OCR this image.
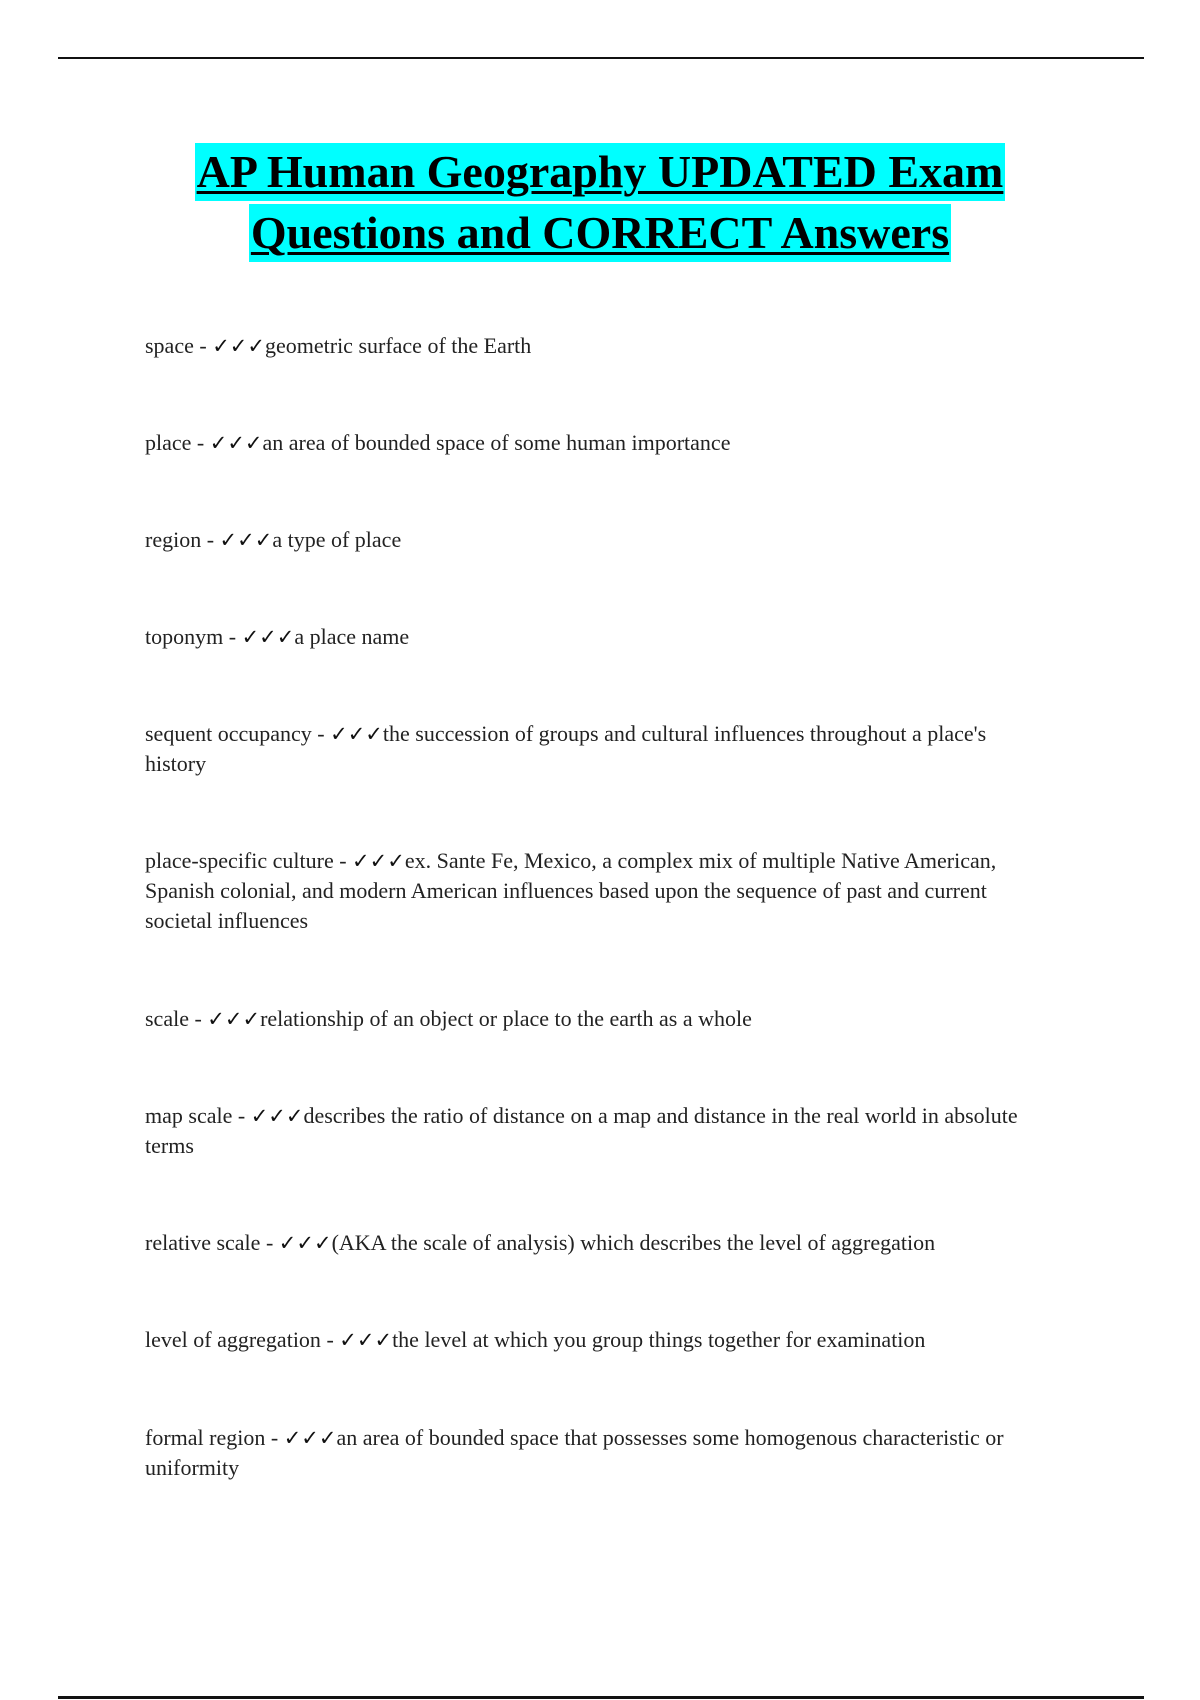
AP Human Geography UPDATED Exam
Questions and CORRECT Answers
space - ✓✓✓geometric surface of the Earth
place - ✓✓✓an area of bounded space of some human importance
region - ✓✓✓a type of place
toponym - ✓✓✓a place name
sequent occupancy - ✓✓✓the succession of groups and cultural influences throughout a place's history
place-specific culture - ✓✓✓ex. Sante Fe, Mexico, a complex mix of multiple Native American, Spanish colonial, and modern American influences based upon the sequence of past and current societal influences
scale - ✓✓✓relationship of an object or place to the earth as a whole
map scale - ✓✓✓describes the ratio of distance on a map and distance in the real world in absolute terms
relative scale - ✓✓✓(AKA the scale of analysis) which describes the level of aggregation
level of aggregation - ✓✓✓the level at which you group things together for examination
formal region - ✓✓✓an area of bounded space that possesses some homogenous characteristic or uniformity
